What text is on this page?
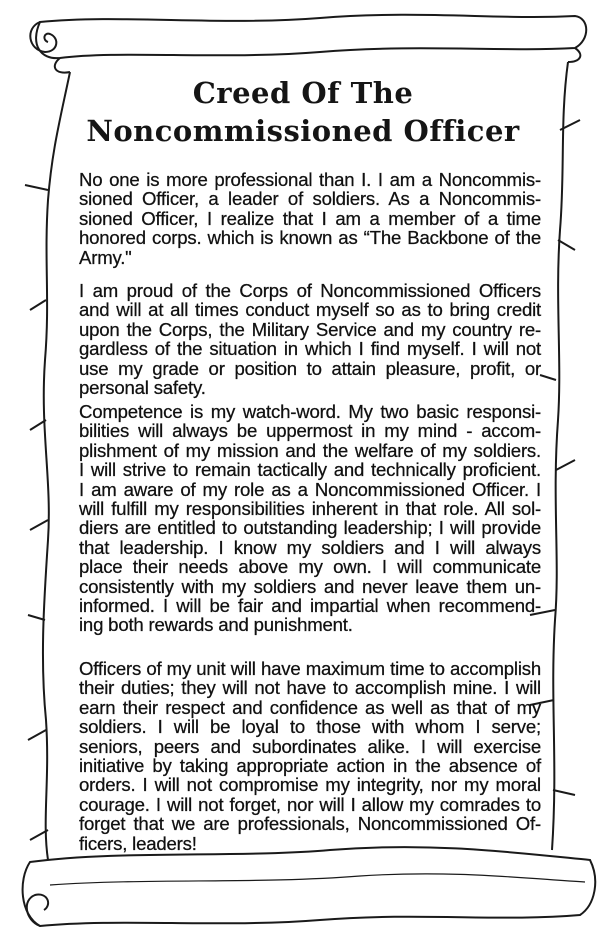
Creed Of The
Noncommissioned Officer
No one is more professional than I. I am a Noncommis-
sioned Officer, a leader of soldiers. As a Noncommis-
sioned Officer, I realize that I am a member of a time
honored corps. which is known as “The Backbone of the
Army."
I am proud of the Corps of Noncommissioned Officers
and will at all times conduct myself so as to bring credit
upon the Corps, the Military Service and my country re-
gardless of the situation in which I find myself. I will not
use my grade or position to attain pleasure, profit, or
personal safety.
Competence is my watch-word. My two basic responsi-
bilities will always be uppermost in my mind - accom-
plishment of my mission and the welfare of my soldiers.
I will strive to remain tactically and technically proficient.
I am aware of my role as a Noncommissioned Officer. I
will fulfill my responsibilities inherent in that role. All sol-
diers are entitled to outstanding leadership; I will provide
that leadership. I know my soldiers and I will always
place their needs above my own. I will communicate
consistently with my soldiers and never leave them un-
informed. I will be fair and impartial when recommend-
ing both rewards and punishment.
Officers of my unit will have maximum time to accomplish
their duties; they will not have to accomplish mine. I will
earn their respect and confidence as well as that of my
soldiers. I will be loyal to those with whom I serve;
seniors, peers and subordinates alike. I will exercise
initiative by taking appropriate action in the absence of
orders. I will not compromise my integrity, nor my moral
courage. I will not forget, nor will I allow my comrades to
forget that we are professionals, Noncommissioned Of-
ficers, leaders!
